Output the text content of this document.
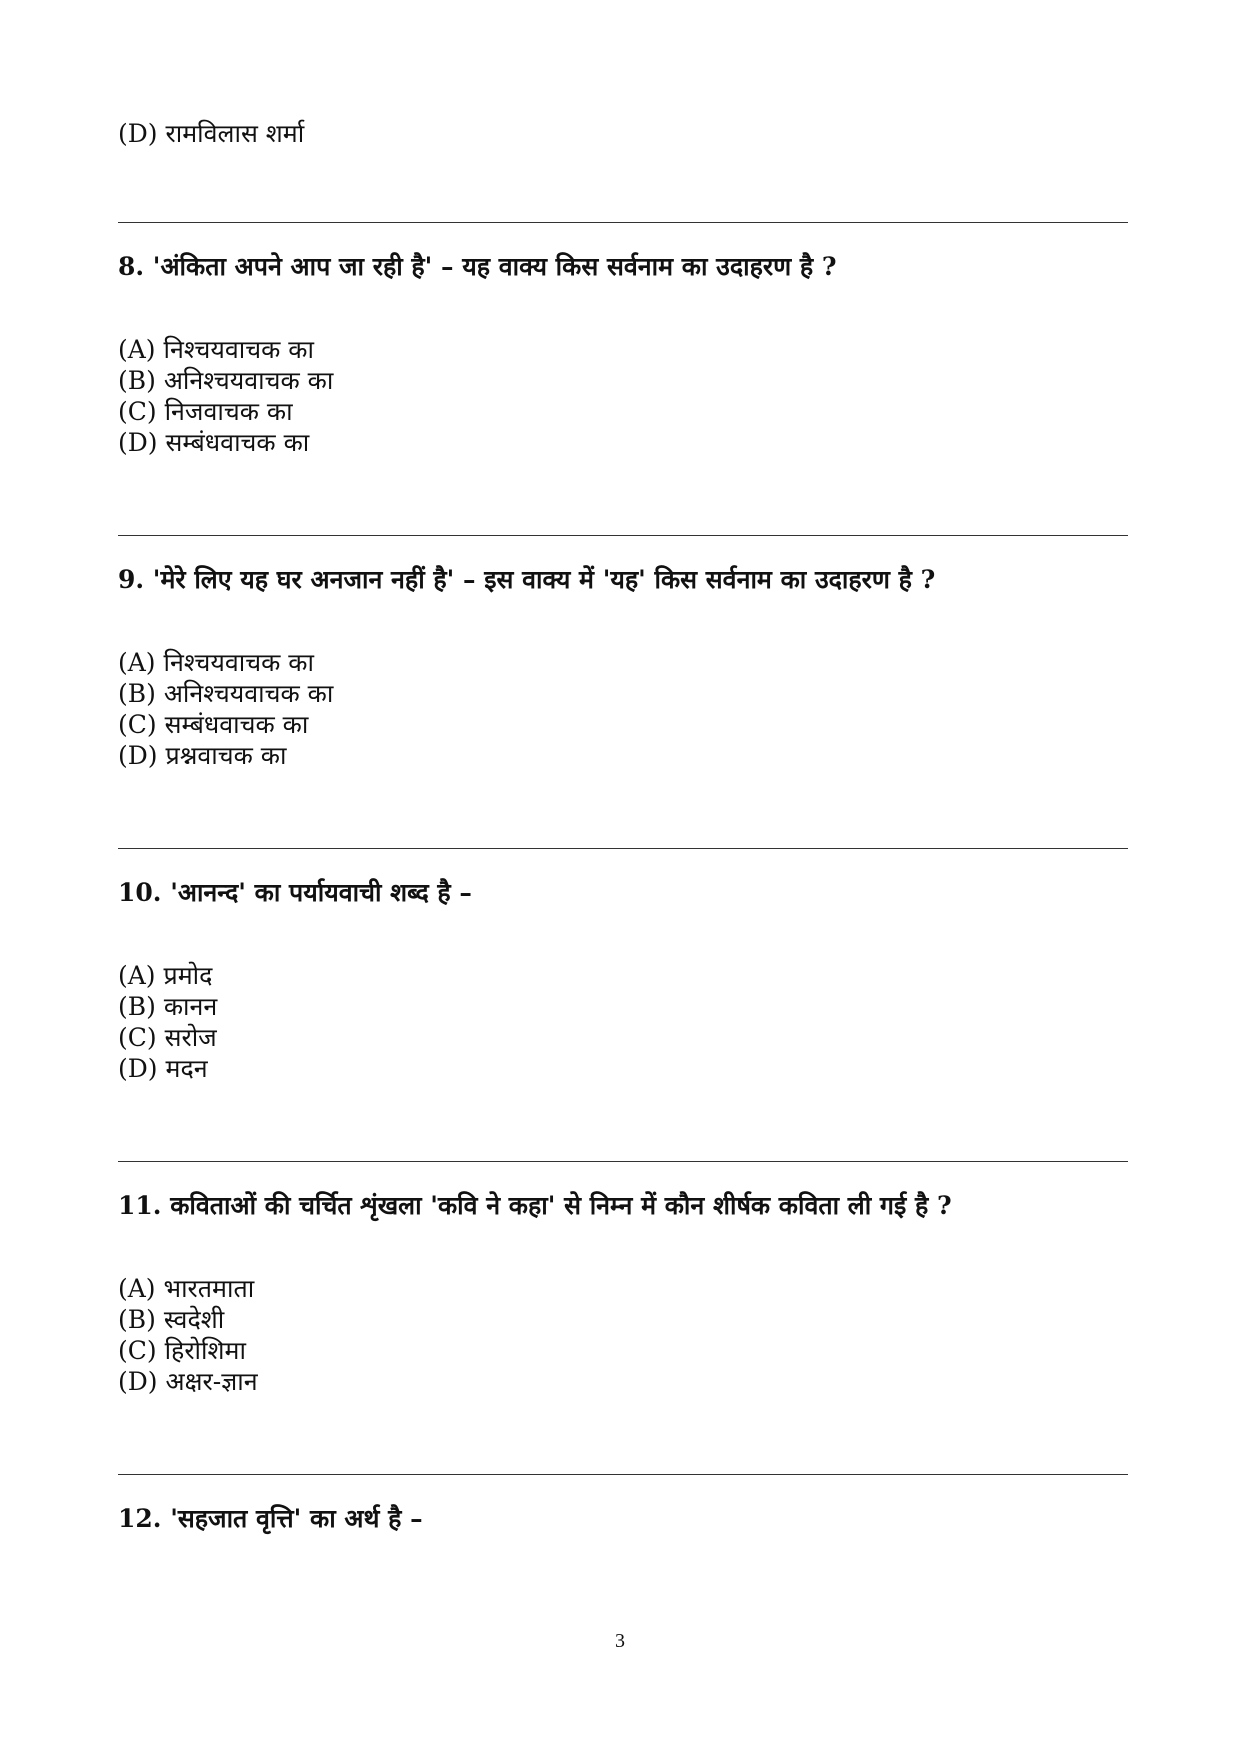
(D) रामविलास शर्मा
8. 'अंकिता अपने आप जा रही है' – यह वाक्य किस सर्वनाम का उदाहरण है ?
(A) निश्चयवाचक का
(B) अनिश्चयवाचक का
(C) निजवाचक का
(D) सम्बंधवाचक का
9. 'मेरे लिए यह घर अनजान नहीं है' – इस वाक्य में 'यह' किस सर्वनाम का उदाहरण है ?
(A) निश्चयवाचक का
(B) अनिश्चयवाचक का
(C) सम्बंधवाचक का
(D) प्रश्नवाचक का
10. 'आनन्द' का पर्यायवाची शब्द है –
(A) प्रमोद
(B) कानन
(C) सरोज
(D) मदन
11. कविताओं की चर्चित शृंखला 'कवि ने कहा' से निम्न में कौन शीर्षक कविता ली गई है ?
(A) भारतमाता
(B) स्वदेशी
(C) हिरोशिमा
(D) अक्षर-ज्ञान
12. 'सहजात वृत्ति' का अर्थ है –
3
